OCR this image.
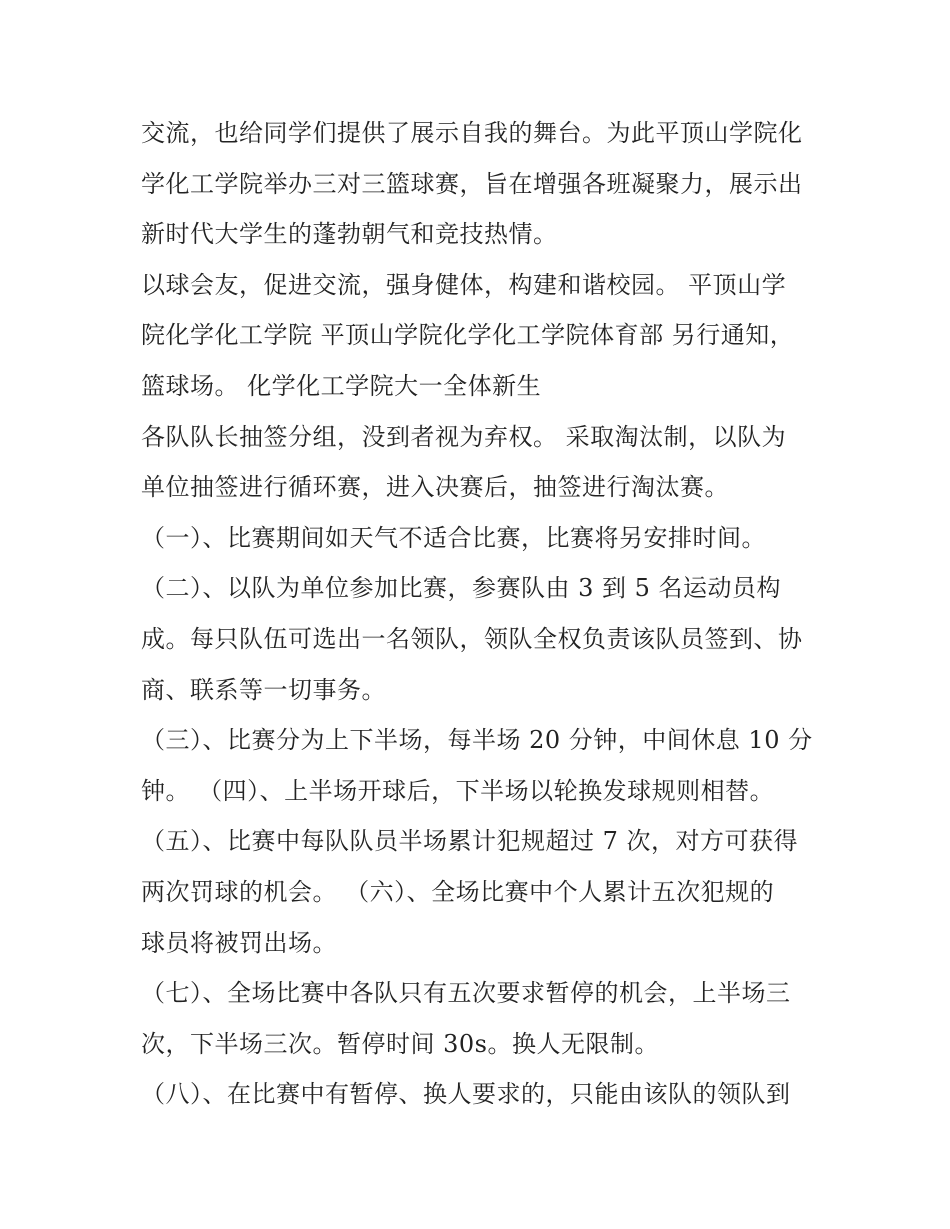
交流，也给同学们提供了展示自我的舞台。为此平顶山学院化
学化工学院举办三对三篮球赛，旨在增强各班凝聚力，展示出
新时代大学生的蓬勃朝气和竞技热情。
以球会友，促进交流，强身健体，构建和谐校园。 平顶山学
院化学化工学院 平顶山学院化学化工学院体育部 另行通知，
篮球场。 化学化工学院大一全体新生
各队队长抽签分组，没到者视为弃权。 采取淘汰制，以队为
单位抽签进行循环赛，进入决赛后，抽签进行淘汰赛。
（一）、比赛期间如天气不适合比赛，比赛将另安排时间。
（二）、以队为单位参加比赛，参赛队由 3 到 5 名运动员构
成。每只队伍可选出一名领队，领队全权负责该队员签到、协
商、联系等一切事务。
（三）、比赛分为上下半场，每半场 20 分钟，中间休息 10 分
钟。 （四）、上半场开球后，下半场以轮换发球规则相替。
（五）、比赛中每队队员半场累计犯规超过 7 次，对方可获得
两次罚球的机会。 （六）、全场比赛中个人累计五次犯规的
球员将被罚出场。
（七）、全场比赛中各队只有五次要求暂停的机会，上半场三
次，下半场三次。暂停时间 30s。换人无限制。
（八）、在比赛中有暂停、换人要求的，只能由该队的领队到
